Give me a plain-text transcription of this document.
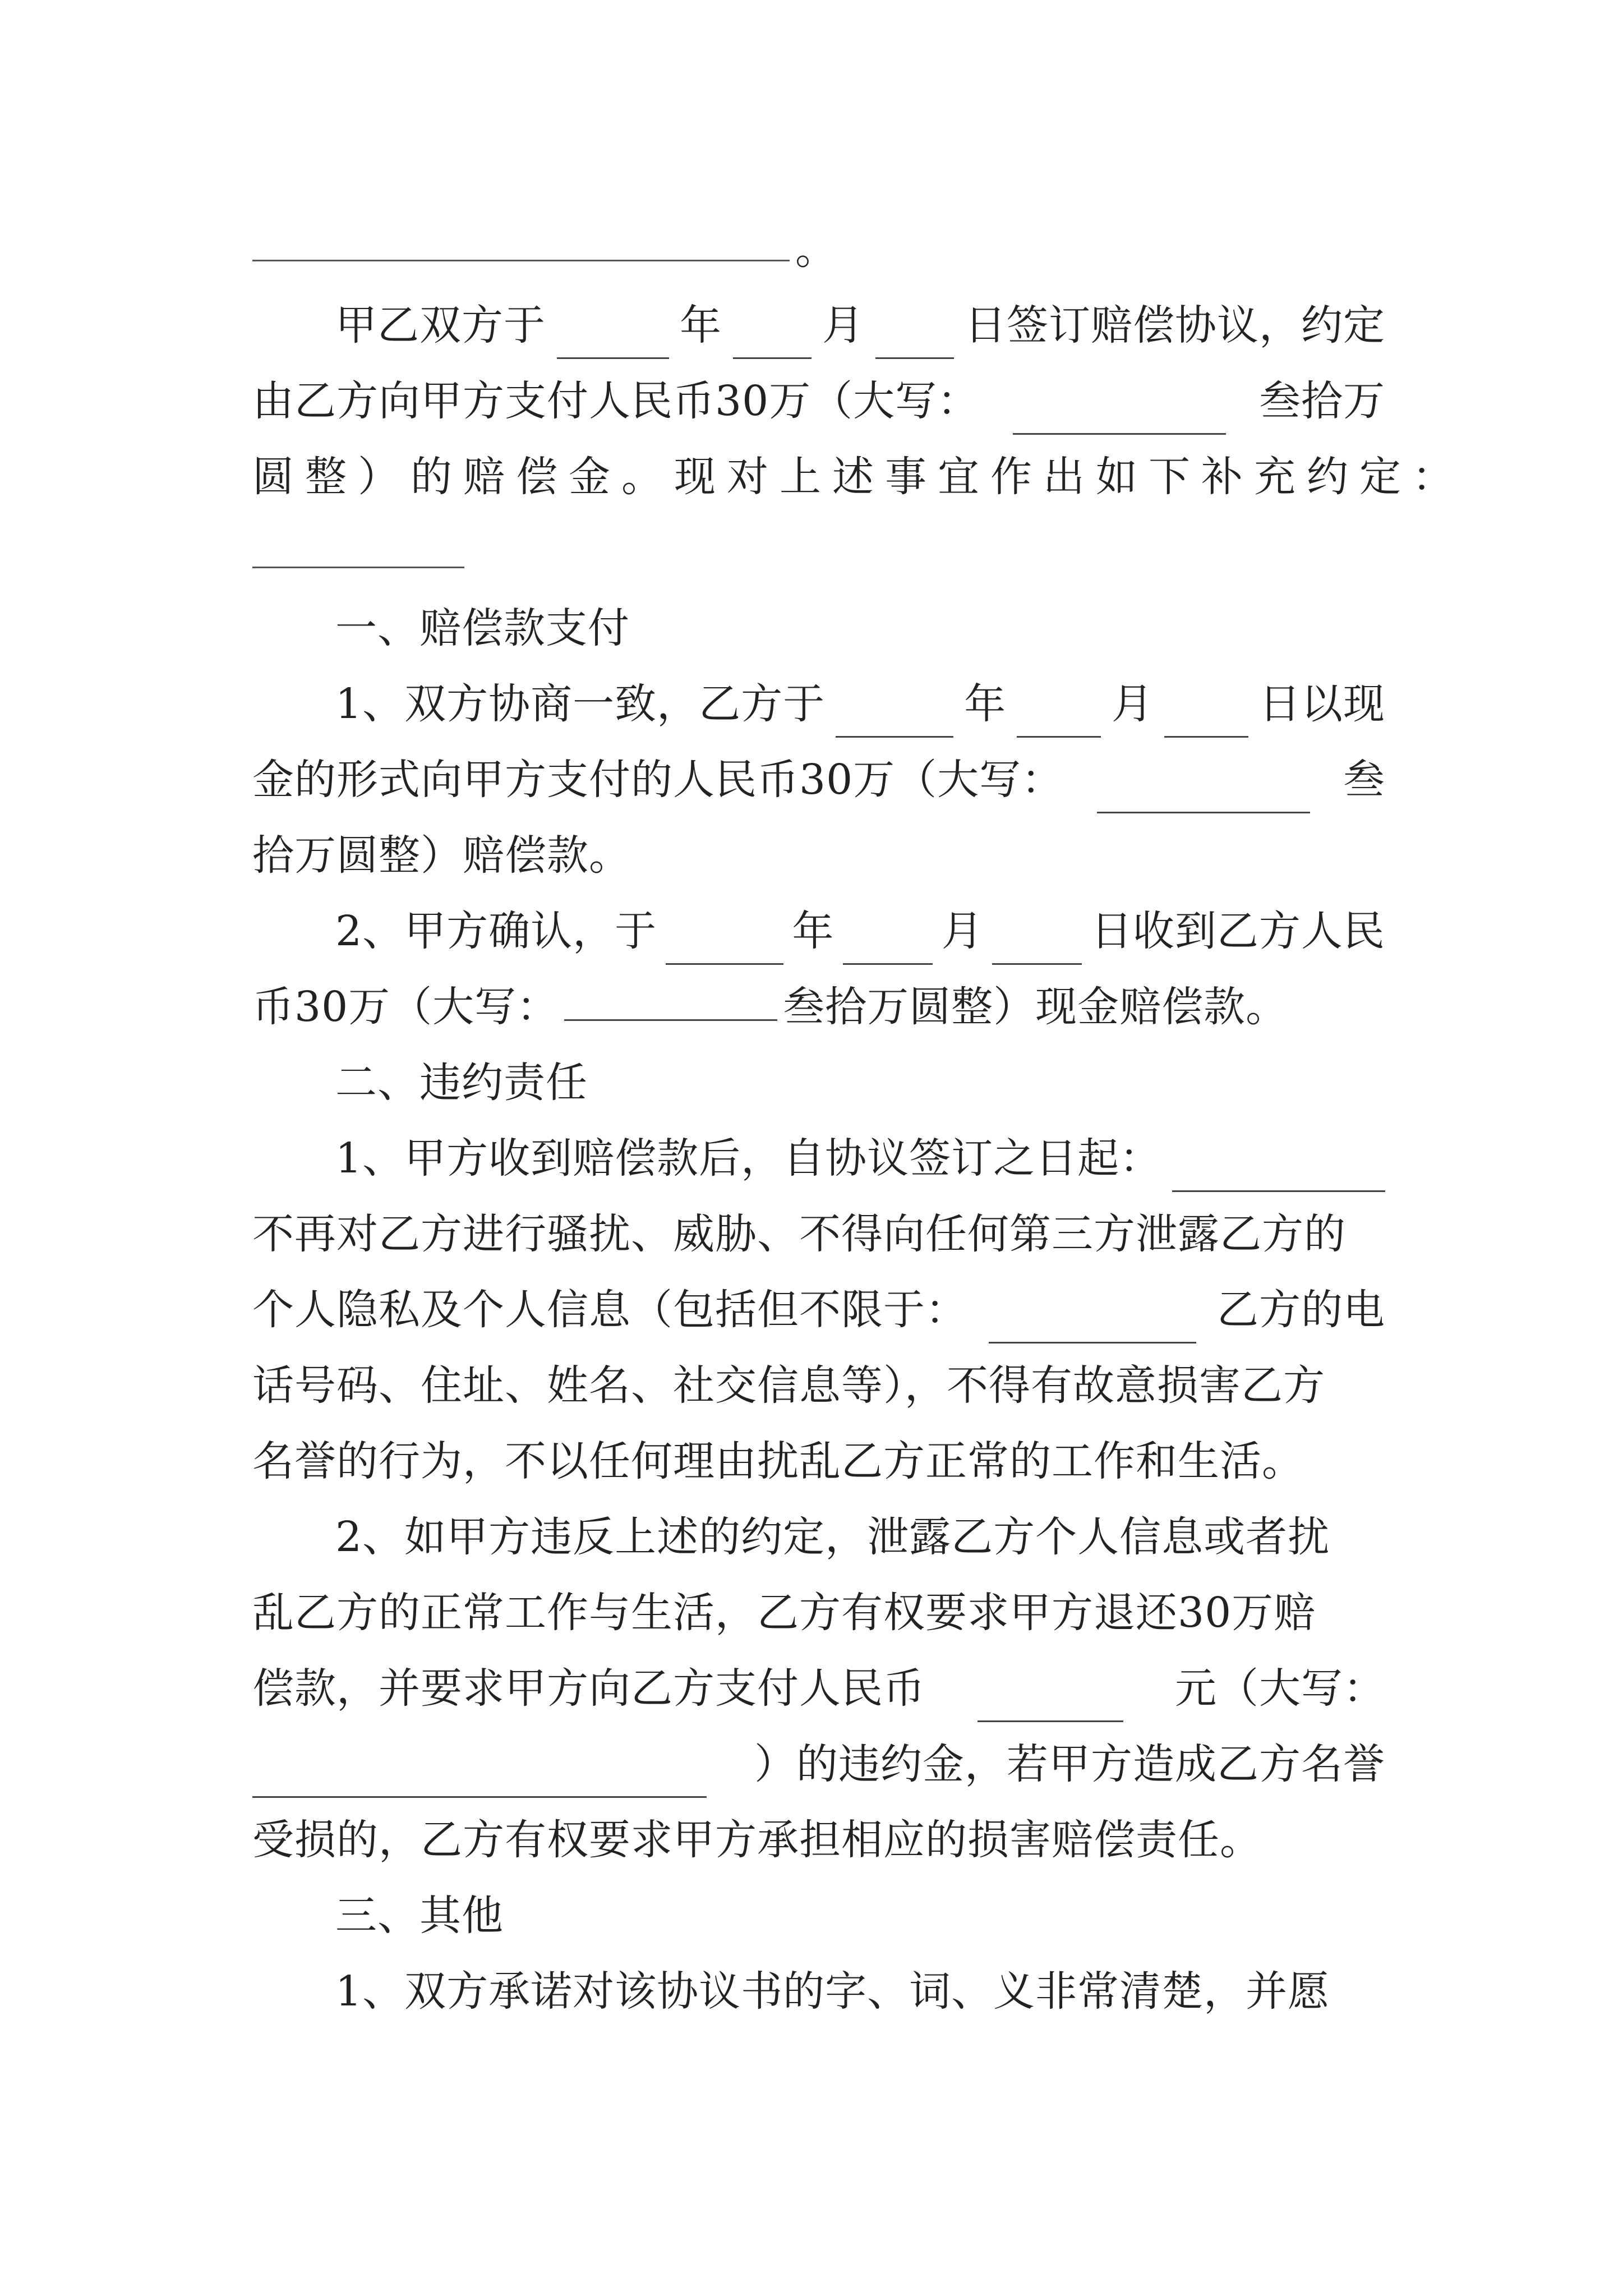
。
甲乙双方于	年 月 日签订赔偿协议，约定
由乙方向甲方支付人民币30万（大写：	叁拾万
圆整）的赔偿金。现对上述事宜作出如下补充约定：
一、赔偿款支付
1、双方协商一致，乙方于	年	月	日以现
金的形式向甲方支付的人民币30万（大写：	叁
拾万圆整）赔偿款。
2、甲方确认，于	年	月	日收到乙方人民
币30万（大写：	叁拾万圆整）现金赔偿款。
二、违约责任
1、甲方收到赔偿款后，自协议签订之日起：
不再对乙方进行骚扰、威胁、不得向任何第三方泄露乙方的
个人隐私及个人信息（包括但不限于：	乙方的电
话号码、住址、姓名、社交信息等），不得有故意损害乙方
名誉的行为，不以任何理由扰乱乙方正常的工作和生活。
2、如甲方违反上述的约定，泄露乙方个人信息或者扰
乱乙方的正常工作与生活，乙方有权要求甲方退还30万赔
偿款，并要求甲方向乙方支付人民币	元（大写：
）的违约金，若甲方造成乙方名誉
受损的，乙方有权要求甲方承担相应的损害赔偿责任。
三、其他
1、双方承诺对该协议书的字、词、义非常清楚，并愿
